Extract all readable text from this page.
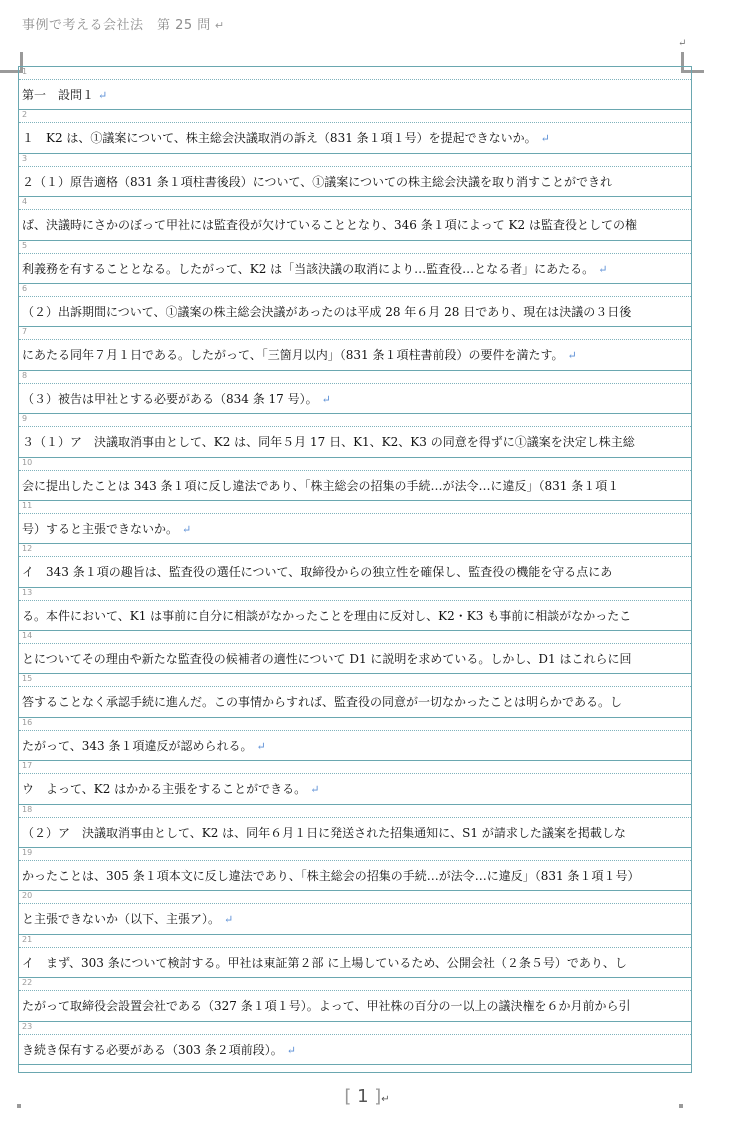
事例で考える会社法　第 25 問 ↵
↵
1
第一　設問１ ↵
2
１　K2 は、①議案について、株主総会決議取消の訴え（831 条１項１号）を提起できないか。 ↵
3
２（１）原告適格（831 条１項柱書後段）について、①議案についての株主総会決議を取り消すことができれ
4
ば、決議時にさかのぼって甲社には監査役が欠けていることとなり、346 条１項によって K2 は監査役としての権
5
利義務を有することとなる。したがって、K2 は「当該決議の取消により…監査役…となる者」にあたる。 ↵
6
（２）出訴期間について、①議案の株主総会決議があったのは平成 28 年６月 28 日であり、現在は決議の３日後
7
にあたる同年７月１日である。したがって、「三箇月以内」（831 条１項柱書前段）の要件を満たす。 ↵
8
（３）被告は甲社とする必要がある（834 条 17 号）。 ↵
9
３（１）ア　決議取消事由として、K2 は、同年５月 17 日、K1、K2、K3 の同意を得ずに①議案を決定し株主総
10
会に提出したことは 343 条１項に反し違法であり、「株主総会の招集の手続…が法令…に違反」（831 条１項１
11
号）すると主張できないか。 ↵
12
イ　343 条１項の趣旨は、監査役の選任について、取締役からの独立性を確保し、監査役の機能を守る点にあ
13
る。本件において、K1 は事前に自分に相談がなかったことを理由に反対し、K2・K3 も事前に相談がなかったこ
14
とについてその理由や新たな監査役の候補者の適性について D1 に説明を求めている。しかし、D1 はこれらに回
15
答することなく承認手続に進んだ。この事情からすれば、監査役の同意が一切なかったことは明らかである。し
16
たがって、343 条１項違反が認められる。 ↵
17
ウ　よって、K2 はかかる主張をすることができる。 ↵
18
（２）ア　決議取消事由として、K2 は、同年６月１日に発送された招集通知に、S1 が請求した議案を掲載しな
19
かったことは、305 条１項本文に反し違法であり、「株主総会の招集の手続…が法令…に違反」（831 条１項１号）
20
と主張できないか（以下、主張ア）。 ↵
21
イ　まず、303 条について検討する。甲社は東証第２部 に上場しているため、公開会社（２条５号）であり、し
22
たがって取締役会設置会社である（327 条１項１号）。よって、甲社株の百分の一以上の議決権を６か月前から引
23
き続き保有する必要がある（303 条２項前段）。 ↵
[ 1 ]↵
